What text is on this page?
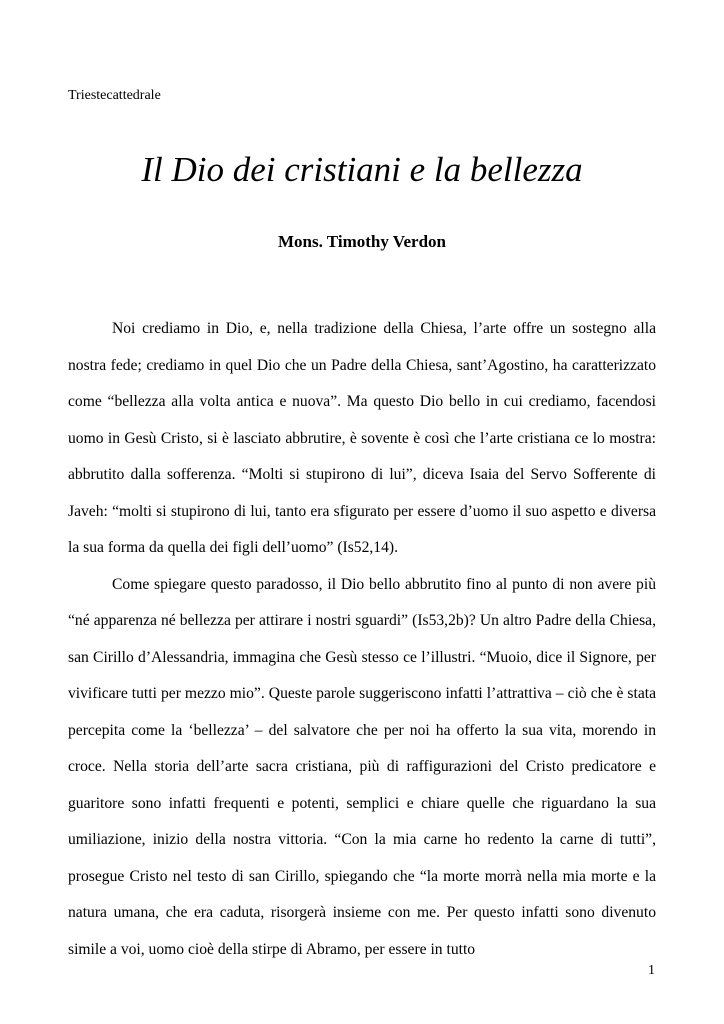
Triestecattedrale
Il Dio dei cristiani e la bellezza
Mons. Timothy Verdon

Noi crediamo in Dio, e, nella tradizione della Chiesa, l’arte offre un sostegno alla nostra fede; crediamo in quel Dio che un Padre della Chiesa, sant’Agostino, ha caratterizzato come “bellezza alla volta antica e nuova”. Ma questo Dio bello in cui crediamo, facendosi uomo in Gesù Cristo, si è lasciato abbrutire, è sovente è così che l’arte cristiana ce lo mostra: abbrutito dalla sofferenza. “Molti si stupirono di lui”, diceva Isaia del Servo Sofferente di Javeh: “molti si stupirono di lui, tanto era sfigurato per essere d’uomo il suo aspetto e diversa la sua forma da quella dei figli dell’uomo” (Is52,14).

Come spiegare questo paradosso, il Dio bello abbrutito fino al punto di non avere più “né apparenza né bellezza per attirare i nostri sguardi” (Is53,2b)? Un altro Padre della Chiesa, san Cirillo d’Alessandria, immagina che Gesù stesso ce l’illustri. “Muoio, dice il Signore, per vivificare tutti per mezzo mio”. Queste parole suggeriscono infatti l’attrattiva – ciò che è stata percepita come la ‘bellezza’ – del salvatore che per noi ha offerto la sua vita, morendo in croce. Nella storia dell’arte sacra cristiana, più di raffigurazioni del Cristo predicatore e guaritore sono infatti frequenti e potenti, semplici e chiare quelle che riguardano la sua umiliazione, inizio della nostra vittoria. “Con la mia carne ho redento la carne di tutti”, prosegue Cristo nel testo di san Cirillo, spiegando che “la morte morrà nella mia morte e la natura umana, che era caduta, risorgerà insieme con me. Per questo infatti sono divenuto simile a voi, uomo cioè della stirpe di Abramo, per essere in tutto

1
